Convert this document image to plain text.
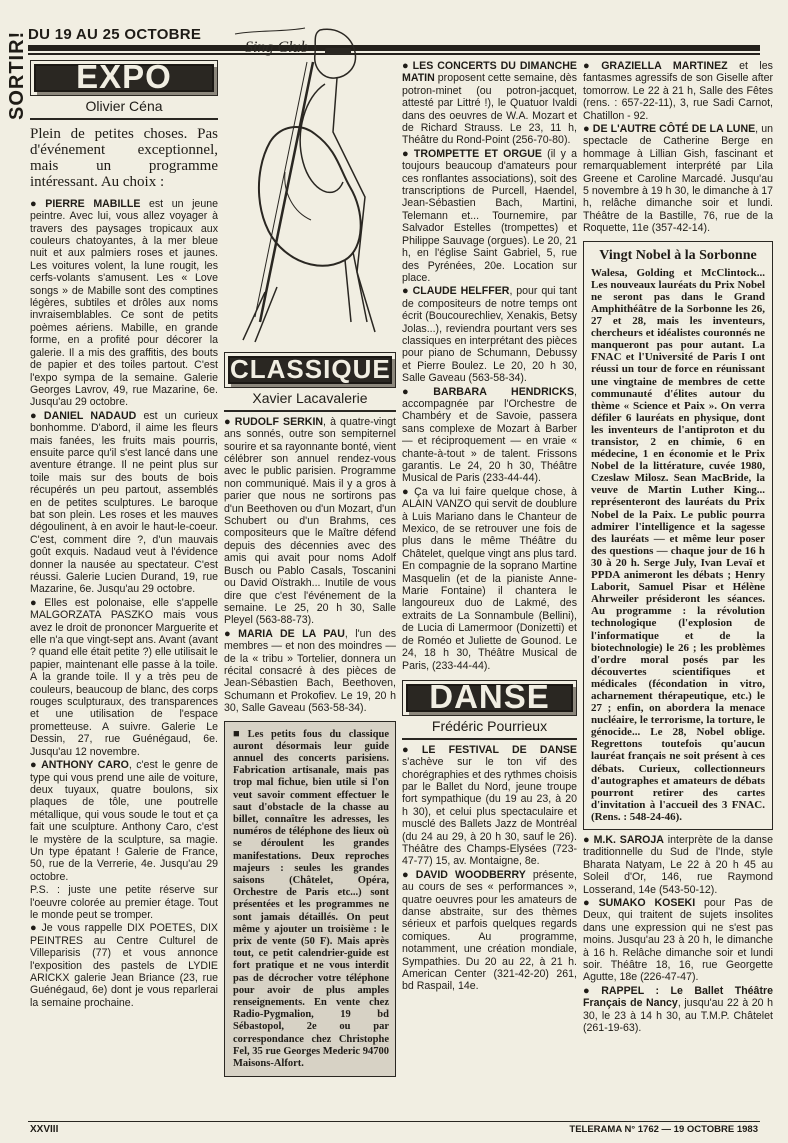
DU 19 AU 25 OCTOBRE
SORTIR!	EXPO
Olivier Céna
Plein de petites choses. Pas d'événement exceptionnel, mais un programme intéressant. Au choix :

● PIERRE MABILLE est un jeune peintre. Avec lui, vous allez voyager à travers des paysages tropicaux aux couleurs chatoyantes, à la mer bleue nuit et aux palmiers roses et jaunes. Les voitures volent, la lune rougit, les cerfs-volants s'amusent. Les « Love songs » de Mabille sont des comptines légères, subtiles et drôles aux noms invraisemblables. Ce sont de petits poèmes aériens. Mabille, en grande forme, en a profité pour décorer la galerie. Il a mis des graffitis, des bouts de papier et des toiles partout. C'est l'expo sympa de la semaine. Galerie Georges Lavrov, 49, rue Mazarine, 6e. Jusqu'au 29 octobre.

● DANIEL NADAUD est un curieux bonhomme. D'abord, il aime les fleurs mais fanées, les fruits mais pourris, ensuite parce qu'il s'est lancé dans une aventure étrange. Il ne peint plus sur toile mais sur des bouts de bois récupérés un peu partout, assemblés en de petites sculptures. Le baroque bat son plein. Les roses et les mauves dégoulinent, à en avoir le haut-le-coeur. C'est, comment dire ?, d'un mauvais goût exquis. Nadaud veut à l'évidence donner la nausée au spectateur. C'est réussi. Galerie Lucien Durand, 19, rue Mazarine, 6e. Jusqu'au 29 octobre.

● Elles est polonaise, elle s'appelle MALGORZATA PASZKO mais vous avez le droit de prononcer Marguerite et elle n'a que vingt-sept ans. Avant (avant ? quand elle était petite ?) elle utilisait le papier, maintenant elle passe à la toile. A la grande toile. Il y a très peu de couleurs, beaucoup de blanc, des corps rouges sculpturaux, des transparences et une utilisation de l'espace prometteuse. A suivre. Galerie Le Dessin, 27, rue Guénégaud, 6e. Jusqu'au 12 novembre.

● ANTHONY CARO, c'est le genre de type qui vous prend une aile de voiture, deux tuyaux, quatre boulons, six plaques de tôle, une poutrelle métallique, qui vous soude le tout et ça fait une sculpture. Anthony Caro, c'est le mystère de la sculpture, sa magie. Un type épatant ! Galerie de France, 50, rue de la Verrerie, 4e. Jusqu'au 29 octobre.

P.S. : juste une petite réserve sur l'oeuvre colorée au premier étage. Tout le monde peut se tromper.

● Je vous rappelle DIX POETES, DIX PEINTRES au Centre Culturel de Villeparisis (77) et vous annonce l'exposition des pastels de LYDIE ARICKX galerie Jean Briance (23, rue Guénégaud, 6e) dont je vous reparlerai la semaine prochaine.

Sing Club
CLASSIQUE
Xavier Lacavalerie

● RUDOLF SERKIN, à quatre-vingt ans sonnés, outre son sempiternel sourire et sa rayonnante bonté, vient célébrer son annuel rendez-vous avec le public parisien. Programme non communiqué. Mais il y a gros à parier que nous ne sortirons pas d'un Beethoven ou d'un Mozart, d'un Schubert ou d'un Brahms, ces compositeurs que le Maître défend depuis des décennies avec des amis qui avait pour noms Adolf Busch ou Pablo Casals, Toscanini ou David Oïstrakh... Inutile de vous dire que c'est l'événement de la semaine. Le 25, 20 h 30, Salle Pleyel (563-88-73).

● MARIA DE LA PAU, l'un des membres — et non des moindres — de la « tribu » Tortelier, donnera un récital consacré à des pièces de Jean-Sébastien Bach, Beethoven, Schumann et Prokofiev. Le 19, 20 h 30, Salle Gaveau (563-58-34).

■ Les petits fous du classique auront désormais leur guide annuel des concerts parisiens. Fabrication artisanale, mais pas trop mal fichue, bien utile si l'on veut savoir comment effectuer le saut d'obstacle de la chasse au billet, connaître les adresses, les numéros de téléphone des lieux où se déroulent les grandes manifestations. Deux reproches majeurs : seules les grandes saisons (Châtelet, Opéra, Orchestre de Paris etc...) sont présentées et les programmes ne sont jamais détaillés. On peut même y ajouter un troisième : le prix de vente (50 F). Mais après tout, ce petit calendrier-guide est fort pratique et ne vous interdit pas de décrocher votre téléphone pour avoir de plus amples renseignements. En vente chez Radio-Pygmalion, 19 bd Sébastopol, 2e ou par correspondance chez Christophe Fel, 35 rue Georges Mederic 94700 Maisons-Alfort.

● LES CONCERTS DU DIMANCHE MATIN proposent cette semaine, dès potron-minet (ou potron-jacquet, attesté par Littré !), le Quatuor Ivaldi dans des oeuvres de W.A. Mozart et de Richard Strauss. Le 23, 11 h, Théâtre du Rond-Point (256-70-80).

● TROMPETTE ET ORGUE (il y a toujours beaucoup d'amateurs pour ces ronflantes associations), soit des transcriptions de Purcell, Haendel, Jean-Sébastien Bach, Martini, Telemann et... Tournemire, par Salvador Estelles (trompettes) et Philippe Sauvage (orgues). Le 20, 21 h, en l'église Saint Gabriel, 5, rue des Pyrénées, 20e. Location sur place.

● CLAUDE HELFFER, pour qui tant de compositeurs de notre temps ont écrit (Boucourechliev, Xenakis, Betsy Jolas...), reviendra pourtant vers ses classiques en interprétant des pièces pour piano de Schumann, Debussy et Pierre Boulez. Le 20, 20 h 30, Salle Gaveau (563-58-34).

● BARBARA HENDRICKS, accompagnée par l'Orchestre de Chambéry et de Savoie, passera sans complexe de Mozart à Barber — et réciproquement — en vraie « chante-à-tout » de talent. Frissons garantis. Le 24, 20 h 30, Théâtre Musical de Paris (233-44-44).

● Ça va lui faire quelque chose, à ALAIN VANZO qui servit de doublure à Luis Mariano dans le Chanteur de Mexico, de se retrouver une fois de plus dans le même Théâtre du Châtelet, quelque vingt ans plus tard. En compagnie de la soprano Martine Masquelin (et de la pianiste Anne-Marie Fontaine) il chantera le langoureux duo de Lakmé, des extraits de La Sonnambule (Bellini), de Lucia di Lamermoor (Donizetti) et de Roméo et Juliette de Gounod. Le 24, 18 h 30, Théâtre Musical de Paris, (233-44-44).

DANSE
Frédéric Pourrieux

● LE FESTIVAL DE DANSE s'achève sur le ton vif des chorégraphies et des rythmes choisis par le Ballet du Nord, jeune troupe fort sympathique (du 19 au 23, à 20 h 30), et celui plus spectaculaire et musclé des Ballets Jazz de Montréal (du 24 au 29, à 20 h 30, sauf le 26). Théâtre des Champs-Elysées (723-47-77) 15, av. Montaigne, 8e.

● DAVID WOODBERRY présente, au cours de ses « performances », quatre oeuvres pour les amateurs de danse abstraite, sur des thèmes sérieux et parfois quelques regards comiques. Au programme, notamment, une création mondiale, Sympathies. Du 20 au 22, à 21 h. American Center (321-42-20) 261, bd Raspail, 14e.

● GRAZIELLA MARTINEZ et les fantasmes agressifs de son Giselle after tomorrow. Le 22 à 21 h, Salle des Fêtes (rens. : 657-22-11), 3, rue Sadi Carnot, Chatillon - 92.

● DE L'AUTRE CÔTÉ DE LA LUNE, un spectacle de Catherine Berge en hommage à Lillian Gish, fascinant et remarquablement interprété par Lila Greene et Caroline Marcadé. Jusqu'au 5 novembre à 19 h 30, le dimanche à 17 h, relâche dimanche soir et lundi. Théâtre de la Bastille, 76, rue de la Roquette, 11e (357-42-14).

Vingt Nobel à la Sorbonne
Walesa, Golding et McClintock... Les nouveaux lauréats du Prix Nobel ne seront pas dans le Grand Amphithéâtre de la Sorbonne les 26, 27 et 28, mais les inventeurs, chercheurs et idéalistes couronnés ne manqueront pas pour autant. La FNAC et l'Université de Paris I ont réussi un tour de force en réunissant une vingtaine de membres de cette communauté d'élites autour du thème « Science et Paix ». On verra défiler 6 lauréats en physique, dont les inventeurs de l'antiproton et du transistor, 2 en chimie, 6 en médecine, 1 en économie et le Prix Nobel de la littérature, cuvée 1980, Czeslaw Milosz. Sean MacBride, la veuve de Martin Luther King... représenteront des lauréats du Prix Nobel de la Paix. Le public pourra admirer l'intelligence et la sagesse des lauréats — et même leur poser des questions — chaque jour de 16 h 30 à 20 h. Serge July, Ivan Levaï et PPDA animeront les débats ; Henry Laborit, Samuel Pisar et Hélène Ahrweiler présideront les séances. Au programme : la révolution technologique (l'explosion de l'informatique et de la biotechnologie) le 26 ; les problèmes d'ordre moral posés par les découvertes scientifiques et médicales (fécondation in vitro, acharnement thérapeutique, etc.) le 27 ; enfin, on abordera la menace nucléaire, le terrorisme, la torture, le génocide... Le 28, Nobel oblige. Regrettons toutefois qu'aucun lauréat français ne soit présent à ces débats. Curieux, collectionneurs d'autographes et amateurs de débats pourront retirer des cartes d'invitation à l'accueil des 3 FNAC. (Rens. : 548-24-46).

● M.K. SAROJA interprète de la danse traditionnelle du Sud de l'Inde, style Bharata Natyam, Le 22 à 20 h 45 au Soleil d'Or, 146, rue Raymond Losserand, 14e (543-50-12).

● SUMAKO KOSEKI pour Pas de Deux, qui traitent de sujets insolites dans une expression qui ne s'est pas moins. Jusqu'au 23 à 20 h, le dimanche à 16 h. Relâche dimanche soir et lundi soir. Théâtre 18, 16, rue Georgette Agutte, 18e (226-47-47).

● RAPPEL : Le Ballet Théâtre Français de Nancy, jusqu'au 22 à 20 h 30, le 23 à 14 h 30, au T.M.P. Châtelet (261-19-63).

XXVIII	TELERAMA N° 1762 — 19 OCTOBRE 1983
